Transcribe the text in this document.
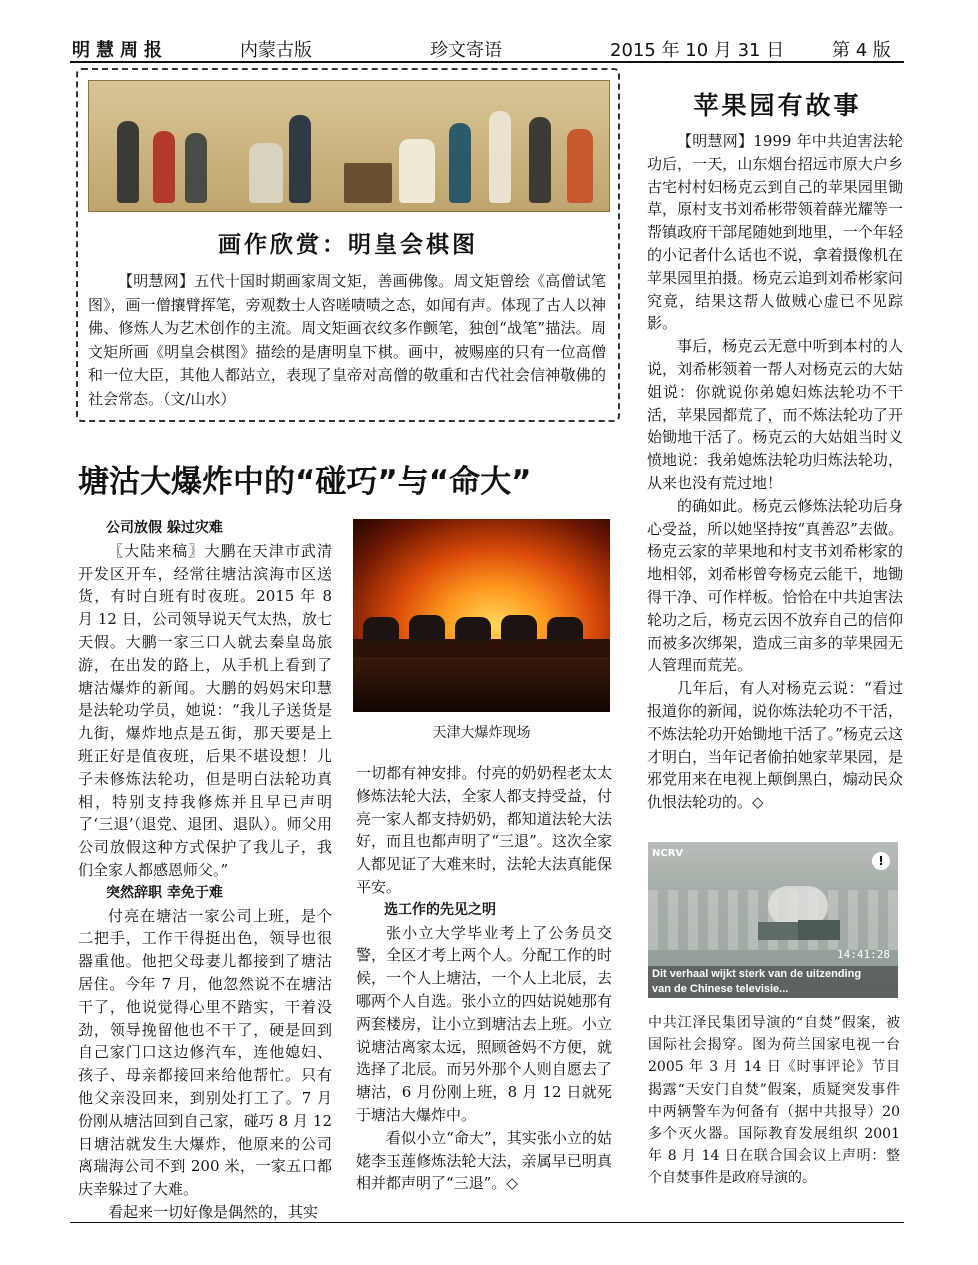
明慧周报	内蒙古版	珍文寄语	2015 年 10 月 31 日	第 4 版
画作欣赏：明皇会棋图
【明慧网】五代十国时期画家周文矩，善画佛像。周文矩曾绘《高僧试笔图》，画一僧攘臂挥笔，旁观数士人咨嗟啧啧之态，如闻有声。体现了古人以神佛、修炼人为艺术创作的主流。周文矩画衣纹多作颤笔，独创“战笔”描法。周文矩所画《明皇会棋图》描绘的是唐明皇下棋。画中，被赐座的只有一位高僧和一位大臣，其他人都站立，表现了皇帝对高僧的敬重和古代社会信神敬佛的社会常态。（文/山水）
苹果园有故事

【明慧网】1999 年中共迫害法轮功后，一天，山东烟台招远市原大户乡古宅村村妇杨克云到自己的苹果园里锄草，原村支书刘希彬带领着薛光耀等一帮镇政府干部尾随她到地里，一个年轻的小记者什么话也不说，拿着摄像机在苹果园里拍摄。杨克云追到刘希彬家问究竟，结果这帮人做贼心虚已不见踪影。

事后，杨克云无意中听到本村的人说，刘希彬领着一帮人对杨克云的大姑姐说：你就说你弟媳妇炼法轮功不干活，苹果园都荒了，而不炼法轮功了开始锄地干活了。杨克云的大姑姐当时义愤地说：我弟媳炼法轮功归炼法轮功，从来也没有荒过地！

的确如此。杨克云修炼法轮功后身心受益，所以她坚持按“真善忍”去做。杨克云家的苹果地和村支书刘希彬家的地相邻，刘希彬曾夸杨克云能干，地锄得干净、可作样板。恰恰在中共迫害法轮功之后，杨克云因不放弃自己的信仰而被多次绑架，造成三亩多的苹果园无人管理而荒芜。

几年后，有人对杨克云说：“看过报道你的新闻，说你炼法轮功不干活，不炼法轮功开始锄地干活了。”杨克云这才明白，当年记者偷拍她家苹果园，是邪党用来在电视上颠倒黑白，煽动民众仇恨法轮功的。◇

NCRV
!
14:41:28
Dit verhaal wijkt sterk van de uitzending
van de Chinese televisie...
中共江泽民集团导演的“自焚”假案，被国际社会揭穿。图为荷兰国家电视一台 2005 年 3 月 14 日《时事评论》节目揭露“天安门自焚”假案，质疑突发事件中两辆警车为何备有（据中共报导）20 多个灭火器。国际教育发展组织 2001 年 8 月 14 日在联合国会议上声明：整个自焚事件是政府导演的。
塘沽大爆炸中的“碰巧”与“命大”

公司放假 躲过灾难

〖大陆来稿〗大鹏在天津市武清开发区开车，经常往塘沽滨海市区送货，有时白班有时夜班。2015 年 8 月 12 日，公司领导说天气太热，放七天假。大鹏一家三口人就去秦皇岛旅游，在出发的路上，从手机上看到了塘沽爆炸的新闻。大鹏的妈妈宋印慧是法轮功学员，她说：“我儿子送货是九街，爆炸地点是五街，那天要是上班正好是值夜班，后果不堪设想！儿子未修炼法轮功，但是明白法轮功真相，特别支持我修炼并且早已声明了‘三退’（退党、退团、退队）。师父用公司放假这种方式保护了我儿子，我们全家人都感恩师父。”

突然辞职 幸免于难

付亮在塘沽一家公司上班，是个二把手，工作干得挺出色，领导也很器重他。他把父母妻儿都接到了塘沽居住。今年 7 月，他忽然说不在塘沽干了，他说觉得心里不踏实，干着没劲，领导挽留他也不干了，硬是回到自己家门口这边修汽车，连他媳妇、孩子、母亲都接回来给他帮忙。只有他父亲没回来，到别处打工了。7 月份刚从塘沽回到自己家，碰巧 8 月 12 日塘沽就发生大爆炸，他原来的公司离瑞海公司不到 200 米，一家五口都庆幸躲过了大难。

看起来一切好像是偶然的，其实

天津大爆炸现场

一切都有神安排。付亮的奶奶程老太太修炼法轮大法，全家人都支持受益，付亮一家人都支持奶奶，都知道法轮大法好，而且也都声明了“三退”。这次全家人都见证了大难来时，法轮大法真能保平安。

选工作的先见之明

张小立大学毕业考上了公务员交警，全区才考上两个人。分配工作的时候，一个人上塘沽，一个人上北辰，去哪两个人自选。张小立的四姑说她那有两套楼房，让小立到塘沽去上班。小立说塘沽离家太远，照顾爸妈不方便，就选择了北辰。而另外那个人则自愿去了塘沽，6 月份刚上班，8 月 12 日就死于塘沽大爆炸中。

看似小立“命大”，其实张小立的姑姥李玉莲修炼法轮大法，亲属早已明真相并都声明了“三退”。◇
